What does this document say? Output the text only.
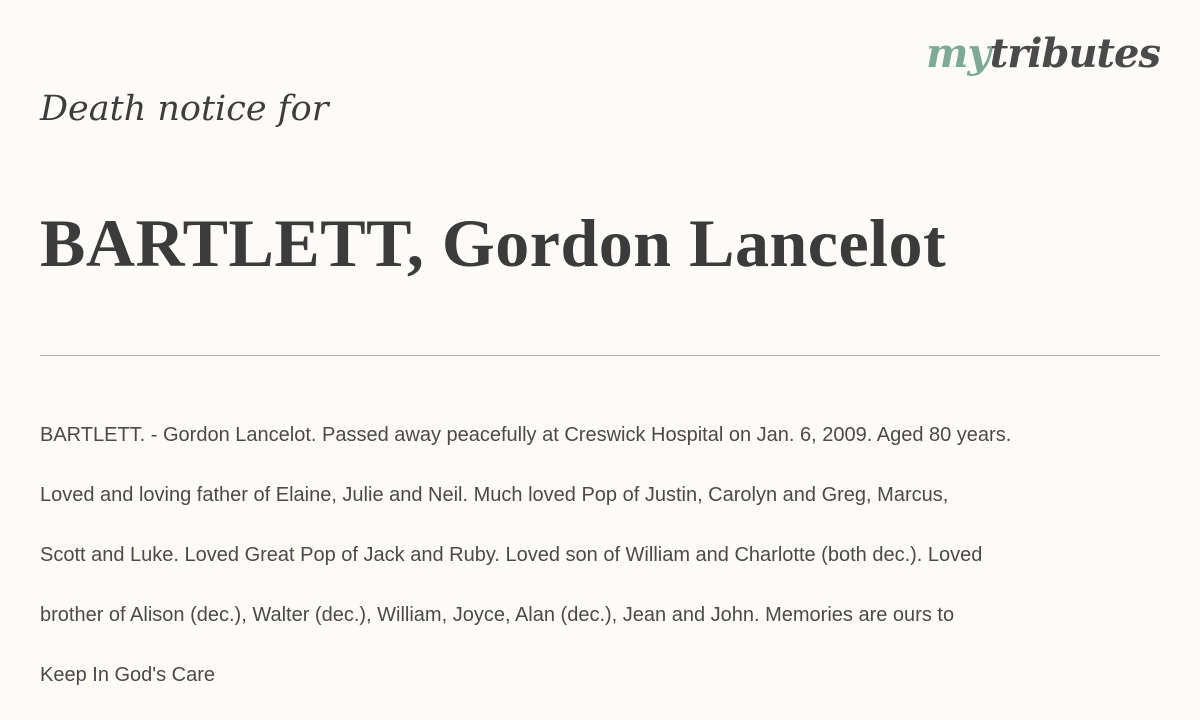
mytributes
Death notice for
BARTLETT, Gordon Lancelot

BARTLETT. - Gordon Lancelot. Passed away peacefully at Creswick Hospital on Jan. 6, 2009. Aged 80 years.

Loved and loving father of Elaine, Julie and Neil. Much loved Pop of Justin, Carolyn and Greg, Marcus,

Scott and Luke. Loved Great Pop of Jack and Ruby. Loved son of William and Charlotte (both dec.). Loved

brother of Alison (dec.), Walter (dec.), William, Joyce, Alan (dec.), Jean and John. Memories are ours to

Keep In God's Care
